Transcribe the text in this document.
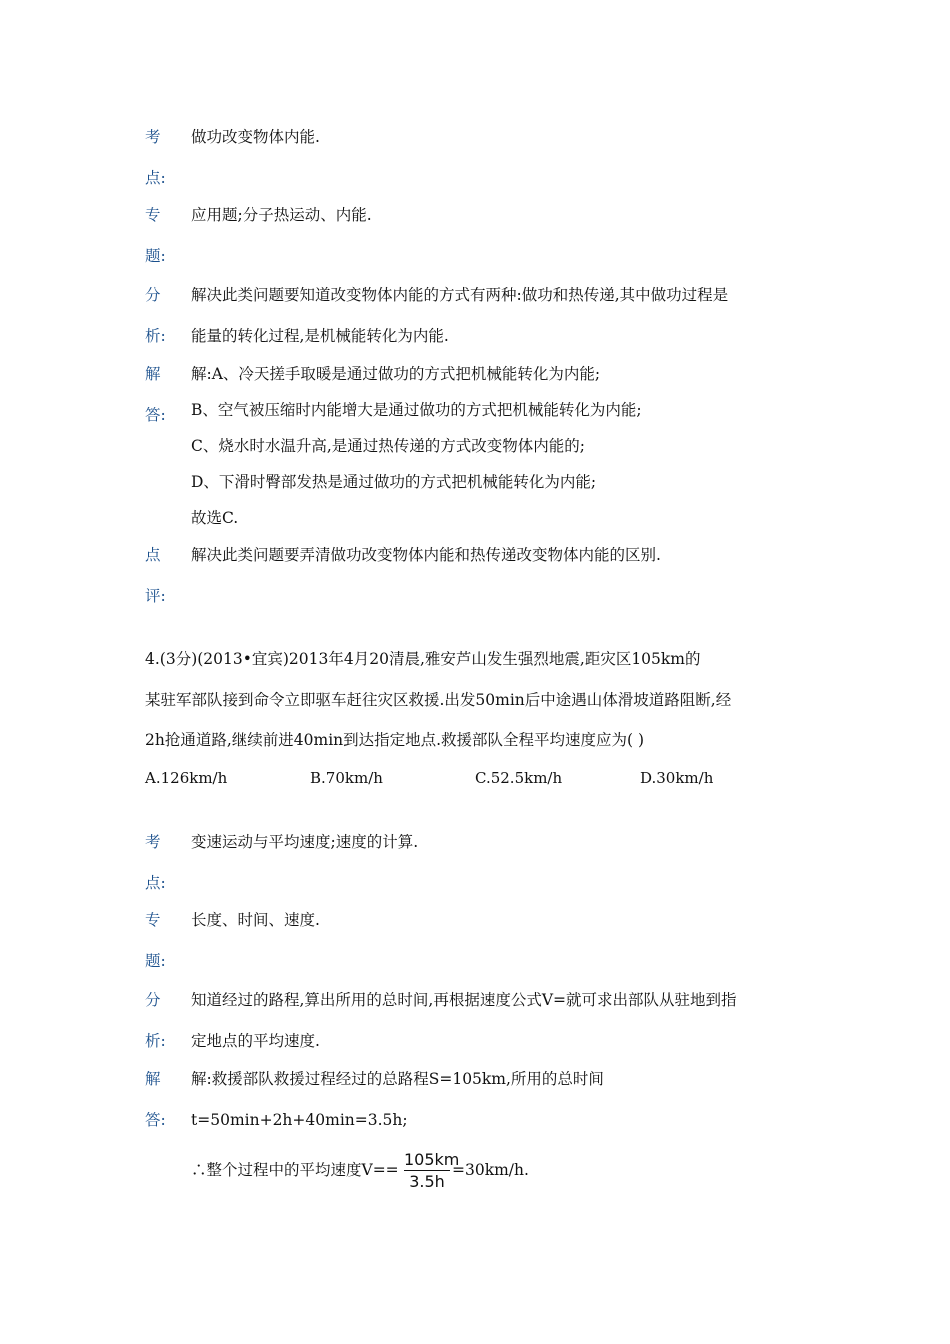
考 做功改变物体内能.
点:
专 应用题;分子热运动、内能.
题:
分 解决此类问题要知道改变物体内能的方式有两种:做功和热传递,其中做功过程是
析: 能量的转化过程,是机械能转化为内能.
解 解:A、冷天搓手取暖是通过做功的方式把机械能转化为内能;
答: B、空气被压缩时内能增大是通过做功的方式把机械能转化为内能;
C、烧水时水温升高,是通过热传递的方式改变物体内能的;
D、下滑时臀部发热是通过做功的方式把机械能转化为内能;
故选C.
点 解决此类问题要弄清做功改变物体内能和热传递改变物体内能的区别.
评:
4.(3分)(2013•宜宾)2013年4月20清晨,雅安芦山发生强烈地震,距灾区105km的
某驻军部队接到命令立即驱车赶往灾区救援.出发50min后中途遇山体滑坡道路阻断,经
2h抢通道路,继续前进40min到达指定地点.救援部队全程平均速度应为( )
A.126km/h	B.70km/h	C.52.5km/h	D.30km/h
考 变速运动与平均速度;速度的计算.
点:
专 长度、时间、速度.
题:
分 知道经过的路程,算出所用的总时间,再根据速度公式V=就可求出部队从驻地到指
析: 定地点的平均速度.
解 解:救援部队救援过程经过的总路程S=105km,所用的总时间
答: t=50min+2h+40min=3.5h;
∴整个过程中的平均速度V==
105km
3.5h
=30km/h.
